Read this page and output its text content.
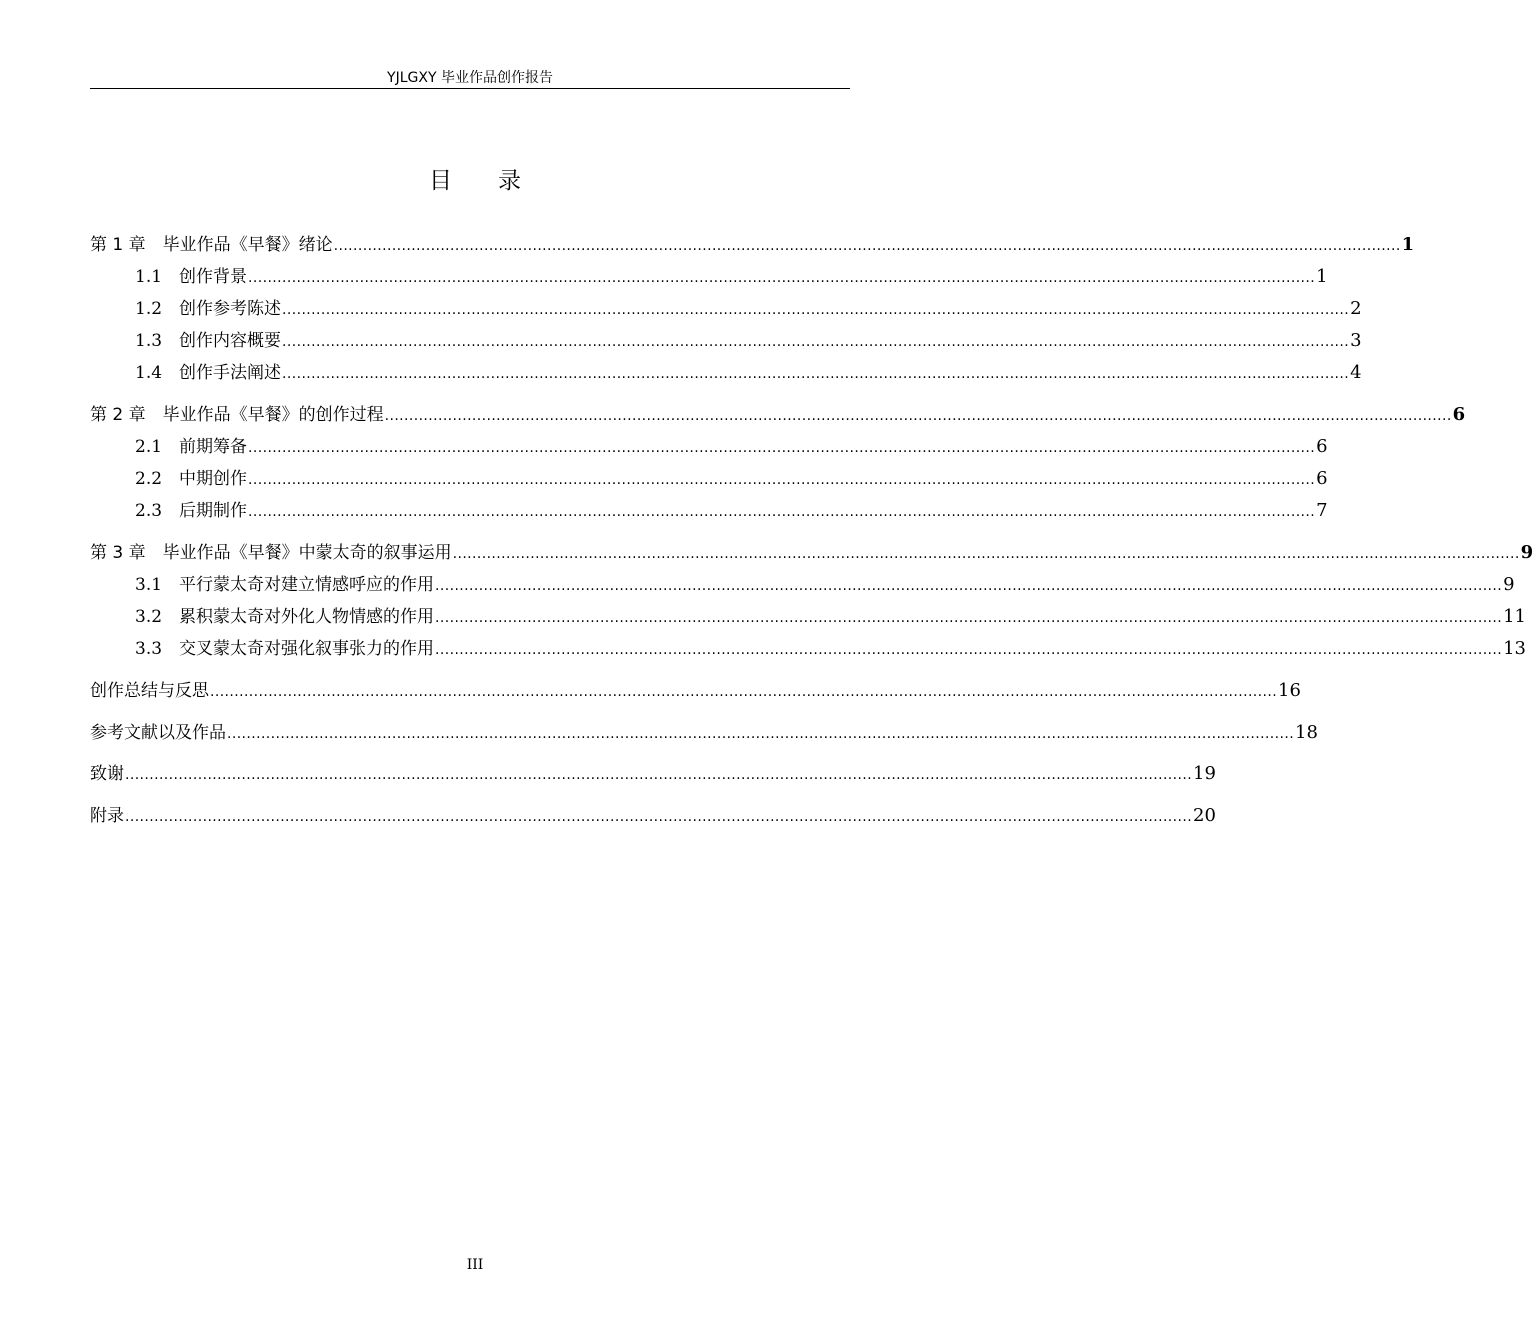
YJLGXY 毕业作品创作报告
目录
第 1 章　毕业作品《早餐》绪论 ............................................................................................................................................................................................................................ 1
1.1　创作背景 ............................................................................................................................................................................................................................ 1
1.2　创作参考陈述 ............................................................................................................................................................................................................................ 2
1.3　创作内容概要 ............................................................................................................................................................................................................................ 3
1.4　创作手法阐述 ............................................................................................................................................................................................................................ 4
第 2 章　毕业作品《早餐》的创作过程 ............................................................................................................................................................................................................................ 6
2.1　前期筹备 ............................................................................................................................................................................................................................ 6
2.2　中期创作 ............................................................................................................................................................................................................................ 6
2.3　后期制作 ............................................................................................................................................................................................................................ 7
第 3 章　毕业作品《早餐》中蒙太奇的叙事运用 ............................................................................................................................................................................................................................ 9
3.1　平行蒙太奇对建立情感呼应的作用 ............................................................................................................................................................................................................................ 9
3.2　累积蒙太奇对外化人物情感的作用 ............................................................................................................................................................................................................................ 11
3.3　交叉蒙太奇对强化叙事张力的作用 ............................................................................................................................................................................................................................ 13
创作总结与反思 ............................................................................................................................................................................................................................ 16
参考文献以及作品 ............................................................................................................................................................................................................................ 18
致谢 ............................................................................................................................................................................................................................ 19
附录 ............................................................................................................................................................................................................................ 20
III
